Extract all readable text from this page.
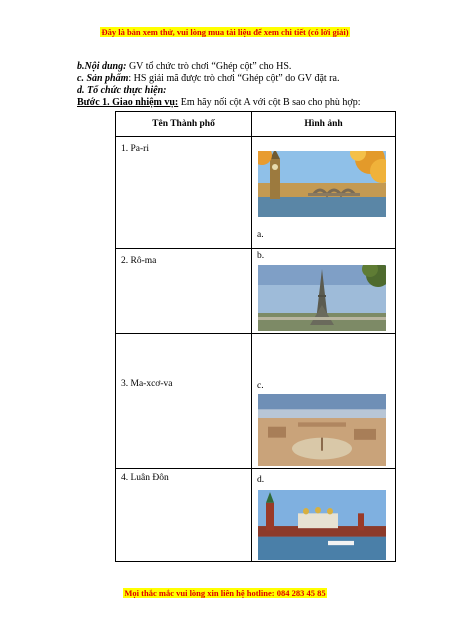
Đây là bản xem thử, vui lòng mua tài liệu để xem chi tiết (có lời giải)
b.Nội dung: GV tổ chức trò chơi “Ghép cột” cho HS.
c. Sản phẩm: HS giải mã được trò chơi “Ghép cột” do GV đặt ra.
d. Tổ chức thực hiện:
Bước 1. Giao nhiệm vụ: Em hãy nối cột A với cột B sao cho phù hợp:
Tên Thành phố	Hình ảnh

1. Pa-ri	a.

2. Rô-ma	b.

3. Ma-xcơ-va	c.

4. Luân Đôn	d.
Mọi thắc mắc vui lòng xin liên hệ hotline: 084 283 45 85
